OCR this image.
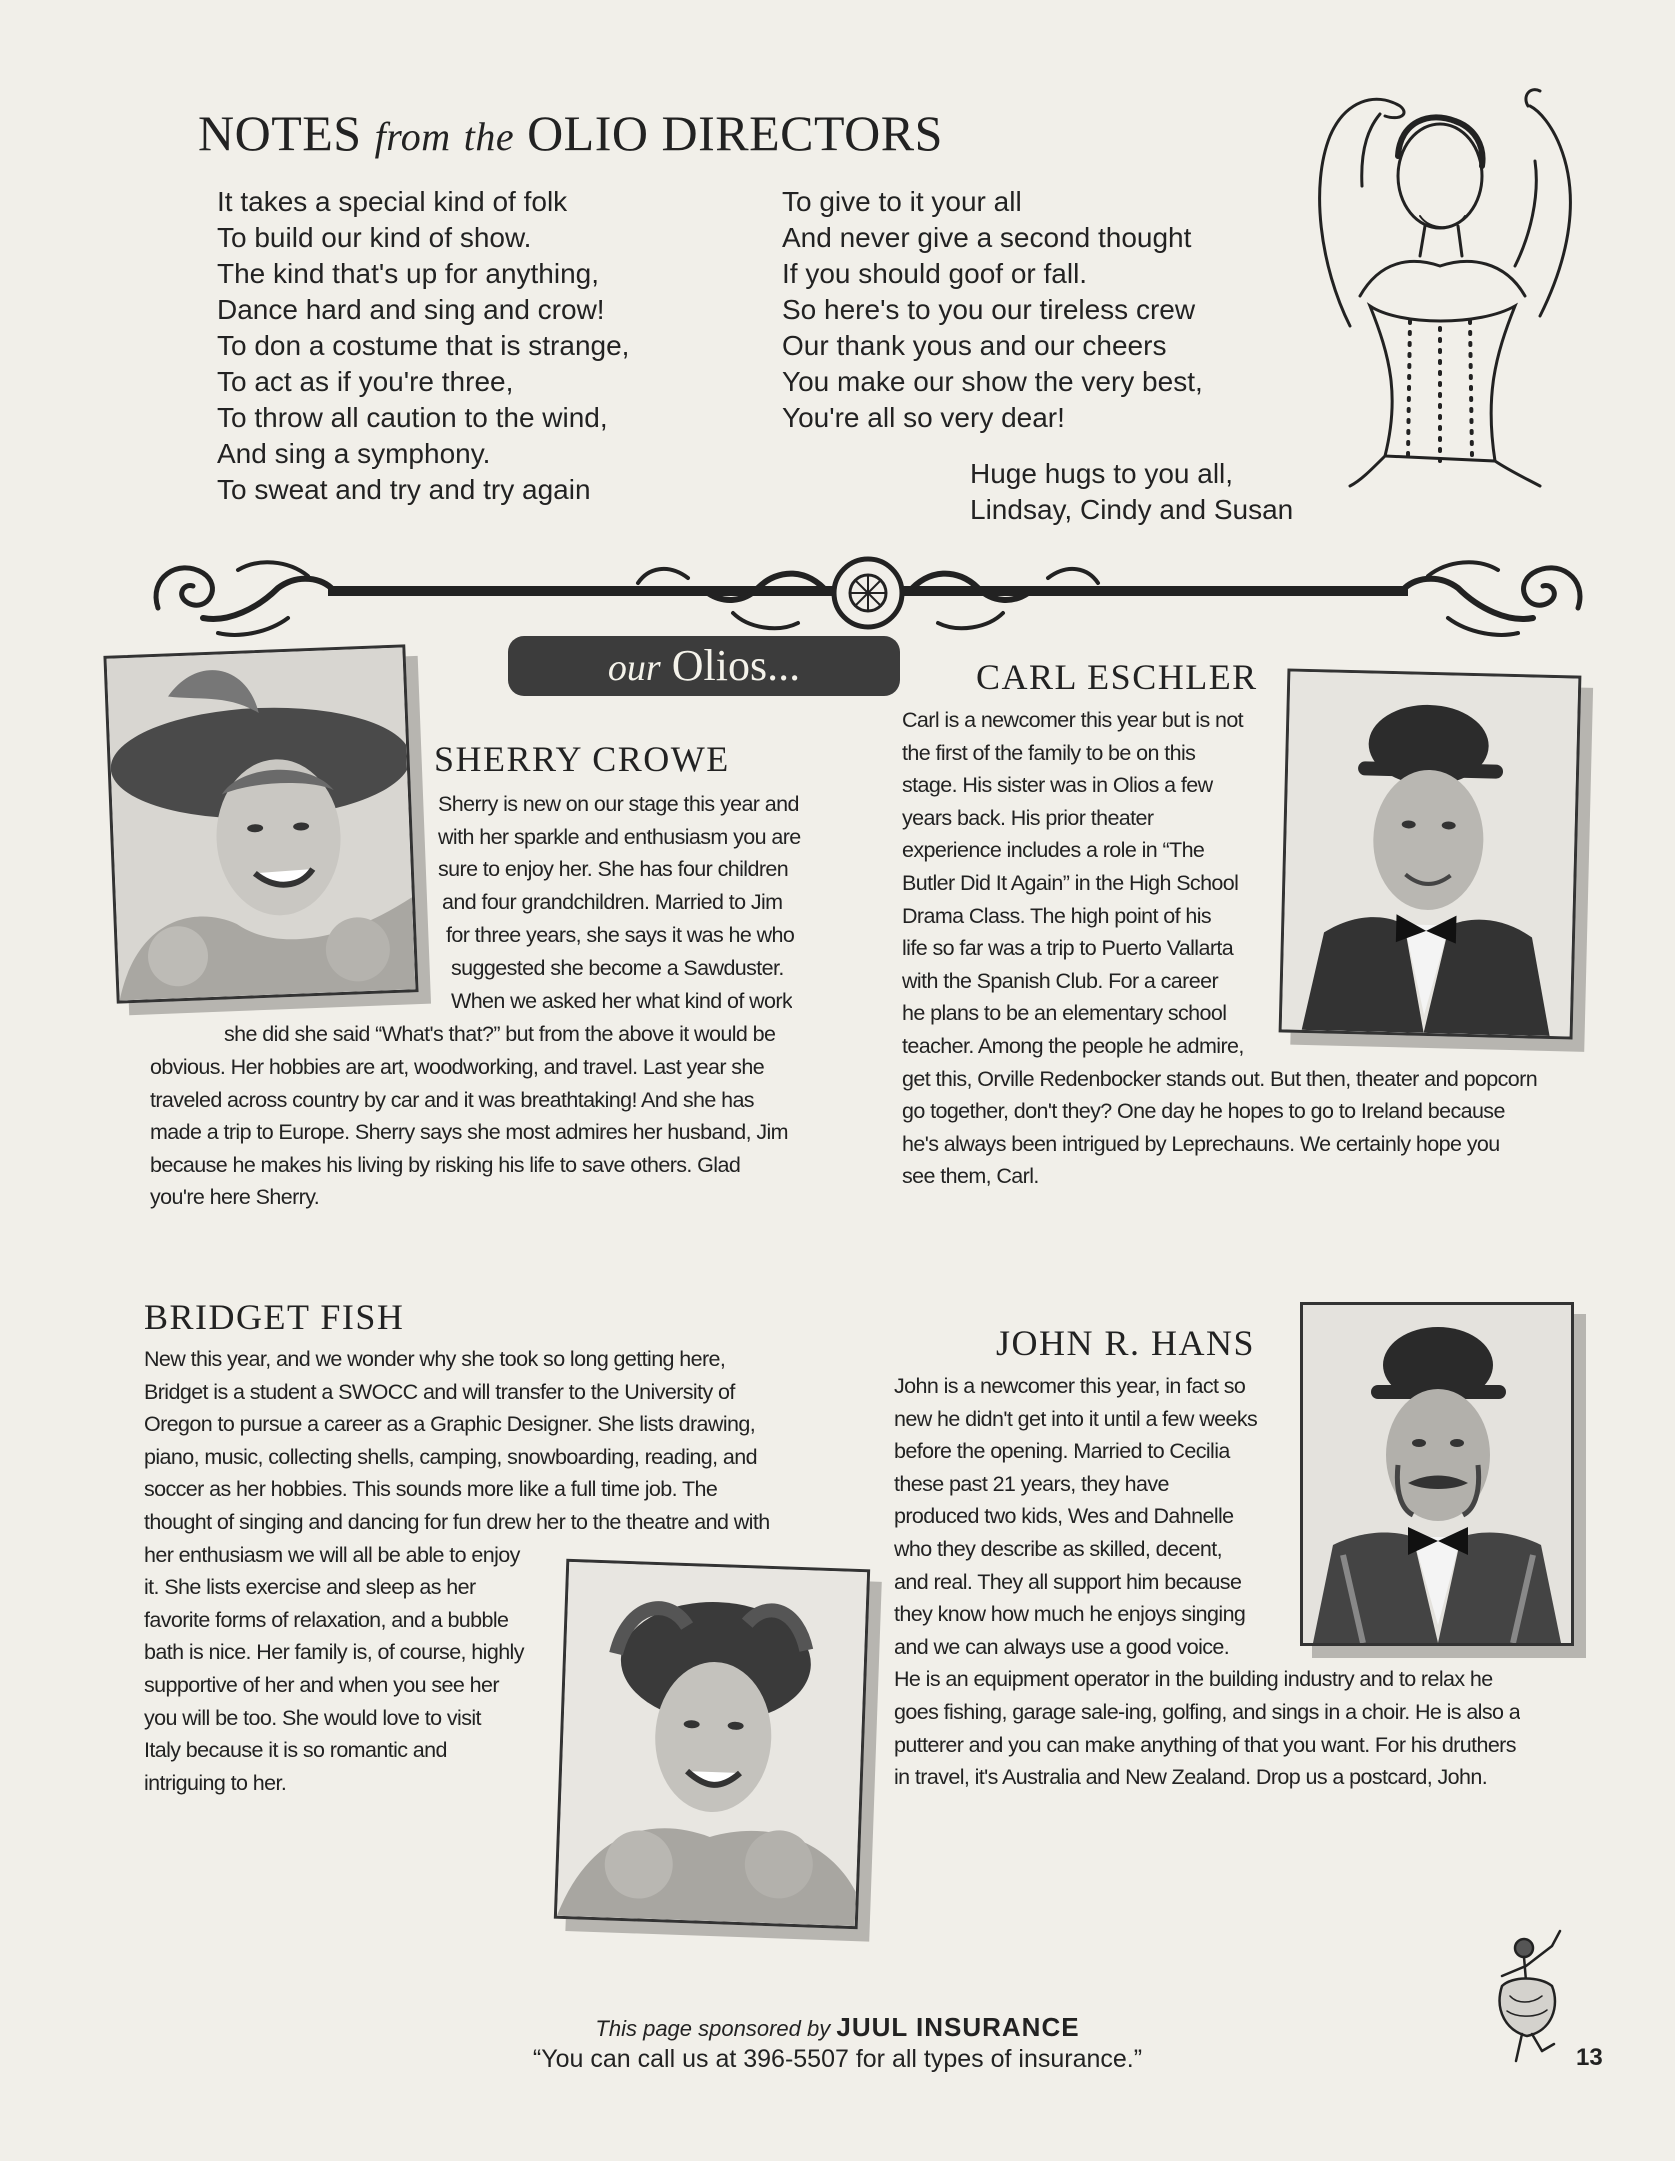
NOTES from the OLIO DIRECTORS
It takes a special kind of folk
To build our kind of show.
The kind that's up for anything,
Dance hard and sing and crow!
To don a costume that is strange,
To act as if you're three,
To throw all caution to the wind,
And sing a symphony.
To sweat and try and try again
To give to it your all
And never give a second thought
If you should goof or fall.
So here's to you our tireless crew
Our thank yous and our cheers
You make our show the very best,
You're all so very dear!
Huge hugs to you all,
Lindsay, Cindy and Susan
our Olios...
SHERRY CROWE
Sherry is new on our stage this year and
with her sparkle and enthusiasm you are
sure to enjoy her. She has four children
and four grandchildren. Married to Jim
for three years, she says it was he who
suggested she become a Sawduster.
When we asked her what kind of work
she did she said “What's that?” but from the above it would be
obvious. Her hobbies are art, woodworking, and travel. Last year she
traveled across country by car and it was breathtaking! And she has
made a trip to Europe. Sherry says she most admires her husband, Jim
because he makes his living by risking his life to save others. Glad
you're here Sherry.
CARL ESCHLER
Carl is a newcomer this year but is not
the first of the family to be on this
stage. His sister was in Olios a few
years back. His prior theater
experience includes a role in “The
Butler Did It Again” in the High School
Drama Class. The high point of his
life so far was a trip to Puerto Vallarta
with the Spanish Club. For a career
he plans to be an elementary school
teacher. Among the people he admire,
get this, Orville Redenbocker stands out. But then, theater and popcorn
go together, don't they? One day he hopes to go to Ireland because
he's always been intrigued by Leprechauns. We certainly hope you
see them, Carl.
BRIDGET FISH
New this year, and we wonder why she took so long getting here,
Bridget is a student a SWOCC and will transfer to the University of
Oregon to pursue a career as a Graphic Designer. She lists drawing,
piano, music, collecting shells, camping, snowboarding, reading, and
soccer as her hobbies. This sounds more like a full time job. The
thought of singing and dancing for fun drew her to the theatre and with
her enthusiasm we will all be able to enjoy
it. She lists exercise and sleep as her
favorite forms of relaxation, and a bubble
bath is nice. Her family is, of course, highly
supportive of her and when you see her
you will be too. She would love to visit
Italy because it is so romantic and
intriguing to her.
JOHN R. HANS
John is a newcomer this year, in fact so
new he didn't get into it until a few weeks
before the opening. Married to Cecilia
these past 21 years, they have
produced two kids, Wes and Dahnelle
who they describe as skilled, decent,
and real. They all support him because
they know how much he enjoys singing
and we can always use a good voice.
He is an equipment operator in the building industry and to relax he
goes fishing, garage sale-ing, golfing, and sings in a choir. He is also a
putterer and you can make anything of that you want. For his druthers
in travel, it's Australia and New Zealand. Drop us a postcard, John.
This page sponsored by JUUL INSURANCE
“You can call us at 396-5507 for all types of insurance.”	13
